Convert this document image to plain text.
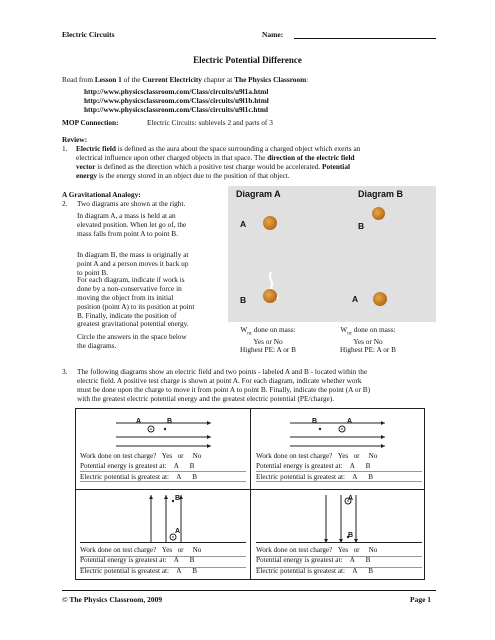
Electric Circuits	Name:
Electric Potential Difference
Read from Lesson 1 of the Current Electricity chapter at The Physics Classroom:
http://www.physicsclassroom.com/Class/circuits/u9l1a.html
http://www.physicsclassroom.com/Class/circuits/u9l1b.html
http://www.physicsclassroom.com/Class/circuits/u9l1c.html
MOP Connection:	Electric Circuits: sublevels 2 and parts of 3
Review:
1. Electric field is defined as the aura about the space surrounding a charged object which exerts an
electrical influence upon other charged objects in that space. The direction of the electric field
vector is defined as the direction which a positive test charge would be accelerated. Potential
energy is the energy stored in an object due to the position of that object.
A Gravitational Analogy:
2. Two diagrams are shown at the right.
In diagram A, a mass is held at an
elevated position. When let go of, the
mass falls from point A to point B.
In diagram B, the mass is originally at
point A and a person moves it back up
to point B.
For each diagram, indicate if work is
done by a non-conservative force in
moving the object from its initial
position (point A) to its position at point
B. Finally, indicate the position of
greatest gravitational potential energy.
Circle the answers in the space below
the diagrams.
Diagram A	Diagram B
A
B
B
A
$W_{nc}$ done on mass:
Yes or No
Highest PE: A or B
$W_{nc}$ done on mass:
Yes or No
Highest PE: A or B
3. The following diagrams show an electric field and two points - labeled A and B - located within the
electric field. A positive test charge is shown at point A. For each diagram, indicate whether work
must be done upon the charge to move it from point A to point B. Finally, indicate the point (A or B)
with the greatest electric potential energy and the greatest electric potential (PE/charge).
A	B	B	A
Work done on test charge? Yes or No
Potential energy is greatest at: A B
Electric potential is greatest at: A B
Work done on test charge? Yes or No
Potential energy is greatest at: A B
Electric potential is greatest at: A B
B
A
A
B
Work done on test charge? Yes or No
Potential energy is greatest at: A B
Electric potential is greatest at: A B
Work done on test charge? Yes or No
Potential energy is greatest at: A B
Electric potential is greatest at: A B
© The Physics Classroom, 2009	Page 1
